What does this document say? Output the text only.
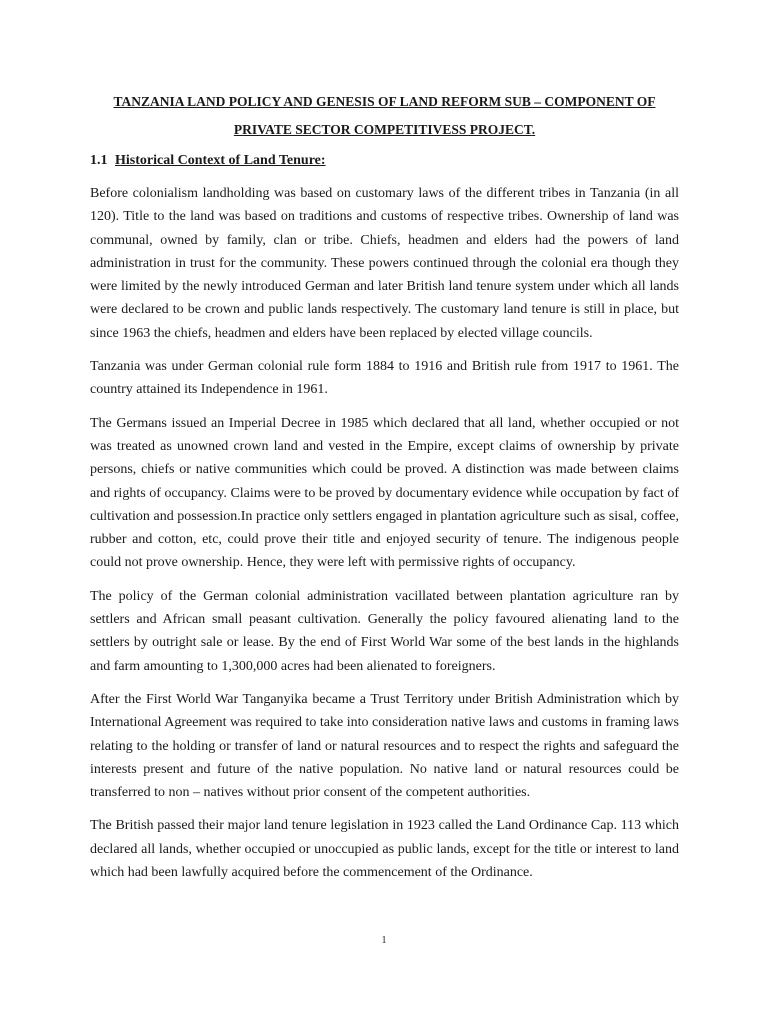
TANZANIA LAND POLICY AND GENESIS OF LAND REFORM SUB – COMPONENT OF
PRIVATE SECTOR COMPETITIVESS PROJECT.
1.1 Historical Context of Land Tenure:

Before colonialism landholding was based on customary laws of the different tribes in Tanzania (in all 120). Title to the land was based on traditions and customs of respective tribes. Ownership of land was communal, owned by family, clan or tribe. Chiefs, headmen and elders had the powers of land administration in trust for the community. These powers continued through the colonial era though they were limited by the newly introduced German and later British land tenure system under which all lands were declared to be crown and public lands respectively. The customary land tenure is still in place, but since 1963 the chiefs, headmen and elders have been replaced by elected village councils.

Tanzania was under German colonial rule form 1884 to 1916 and British rule from 1917 to 1961. The country attained its Independence in 1961.

The Germans issued an Imperial Decree in 1985 which declared that all land, whether occupied or not was treated as unowned crown land and vested in the Empire, except claims of ownership by private persons, chiefs or native communities which could be proved. A distinction was made between claims and rights of occupancy. Claims were to be proved by documentary evidence while occupation by fact of cultivation and possession.In practice only settlers engaged in plantation agriculture such as sisal, coffee, rubber and cotton, etc, could prove their title and enjoyed security of tenure. The indigenous people could not prove ownership. Hence, they were left with permissive rights of occupancy.

The policy of the German colonial administration vacillated between plantation agriculture ran by settlers and African small peasant cultivation. Generally the policy favoured alienating land to the settlers by outright sale or lease. By the end of First World War some of the best lands in the highlands and farm amounting to 1,300,000 acres had been alienated to foreigners.

After the First World War Tanganyika became a Trust Territory under British Administration which by International Agreement was required to take into consideration native laws and customs in framing laws relating to the holding or transfer of land or natural resources and to respect the rights and safeguard the interests present and future of the native population. No native land or natural resources could be transferred to non – natives without prior consent of the competent authorities.

The British passed their major land tenure legislation in 1923 called the Land Ordinance Cap. 113 which declared all lands, whether occupied or unoccupied as public lands, except for the title or interest to land which had been lawfully acquired before the commencement of the Ordinance.

1
